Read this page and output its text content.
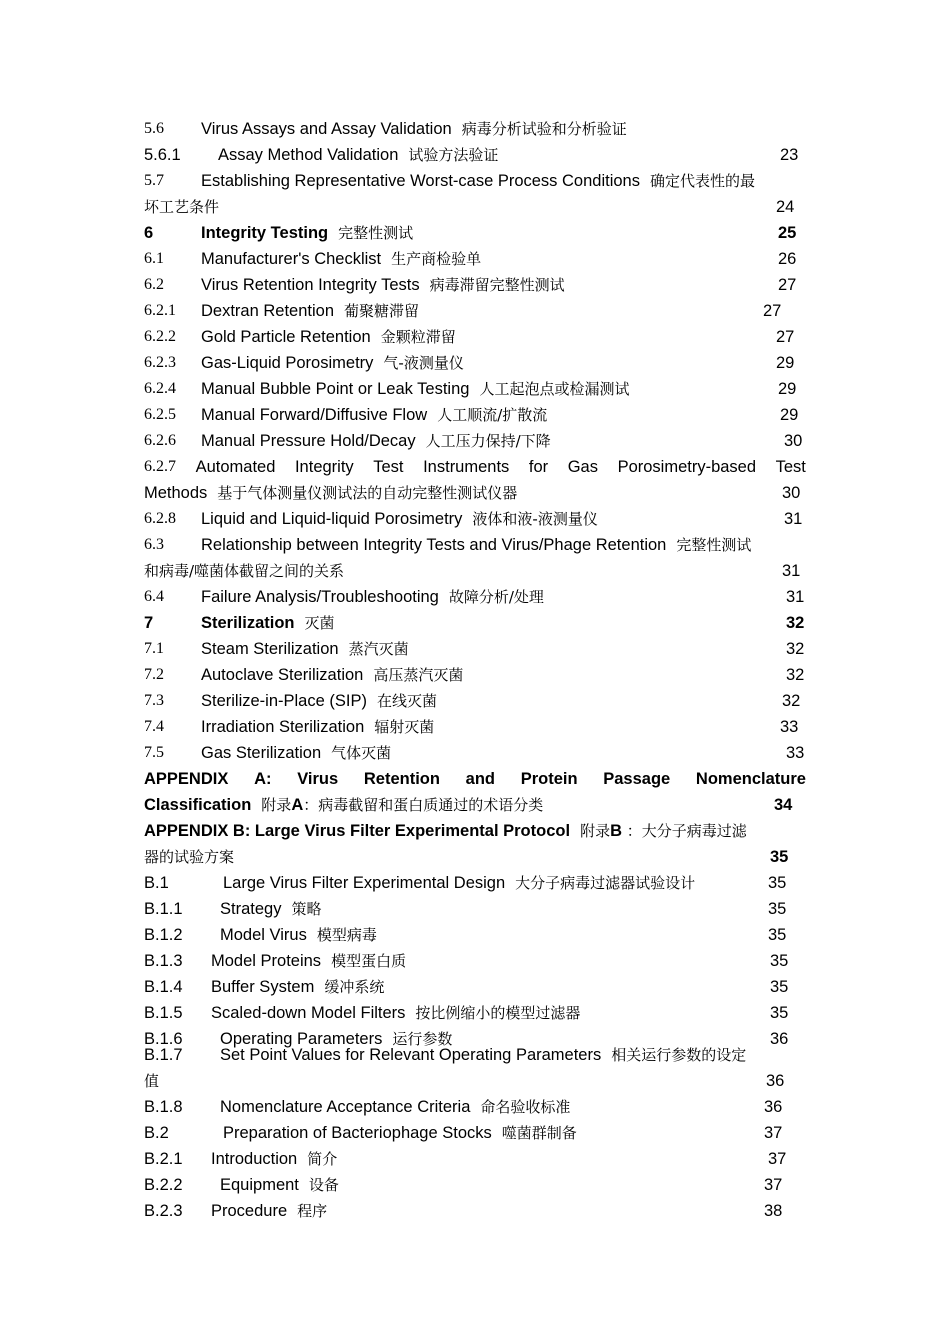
5.6 Virus Assays and Assay Validation 病毒分析试验和分析验证
5.6.1 Assay Method Validation 试验方法验证	23
5.7 Establishing Representative Worst-case Process Conditions 确定代表性的最
坏工艺条件	24
6	Integrity Testing 完整性测试	25
6.1 Manufacturer's Checklist 生产商检验单	26
6.2 Virus Retention Integrity Tests 病毒滞留完整性测试	27
6.2.1 Dextran Retention 葡聚糖滞留	27
6.2.2 Gold Particle Retention 金颗粒滞留	27
6.2.3 Gas-Liquid Porosimetry 气-液测量仪	29
6.2.4 Manual Bubble Point or Leak Testing 人工起泡点或检漏测试	29
6.2.5 Manual Forward/Diffusive Flow 人工顺流/扩散流	29
6.2.6 Manual Pressure Hold/Decay 人工压力保持/下降	30
6.2.7 Automated Integrity Test Instruments for Gas Porosimetry-based Test
Methods 基于气体测量仪测试法的自动完整性测试仪器	30
6.2.8 Liquid and Liquid-liquid Porosimetry 液体和液-液测量仪	31
6.3 Relationship between Integrity Tests and Virus/Phage Retention 完整性测试
和病毒/噬菌体截留之间的关系	31
6.4 Failure Analysis/Troubleshooting 故障分析/处理	31
7	Sterilization 灭菌	32
7.1 Steam Sterilization 蒸汽灭菌	32
7.2 Autoclave Sterilization 高压蒸汽灭菌	32
7.3 Sterilize-in-Place (SIP) 在线灭菌	32
7.4 Irradiation Sterilization 辐射灭菌	33
7.5 Gas Sterilization 气体灭菌	33
APPENDIX A: Virus Retention and Protein Passage Nomenclature
Classification 附录A：病毒截留和蛋白质通过的术语分类	34
APPENDIX B: Large Virus Filter Experimental Protocol 附录B ：大分子病毒过滤
器的试验方案	35
B.1	Large Virus Filter Experimental Design 大分子病毒过滤器试验设计	35
B.1.1 Strategy 策略	35
B.1.2 Model Virus 模型病毒	35
B.1.3 Model Proteins 模型蛋白质	35
B.1.4 Buffer System 缓冲系统	35
B.1.5 Scaled-down Model Filters 按比例缩小的模型过滤器	35
B.1.6 Operating Parameters 运行参数	36
B.1.7 Set Point Values for Relevant Operating Parameters 相关运行参数的设定
值	36
B.1.8 Nomenclature Acceptance Criteria 命名验收标准	36
B.2	Preparation of Bacteriophage Stocks 噬菌群制备	37
B.2.1 Introduction 简介	37
B.2.2 Equipment 设备	37
B.2.3 Procedure 程序	38
